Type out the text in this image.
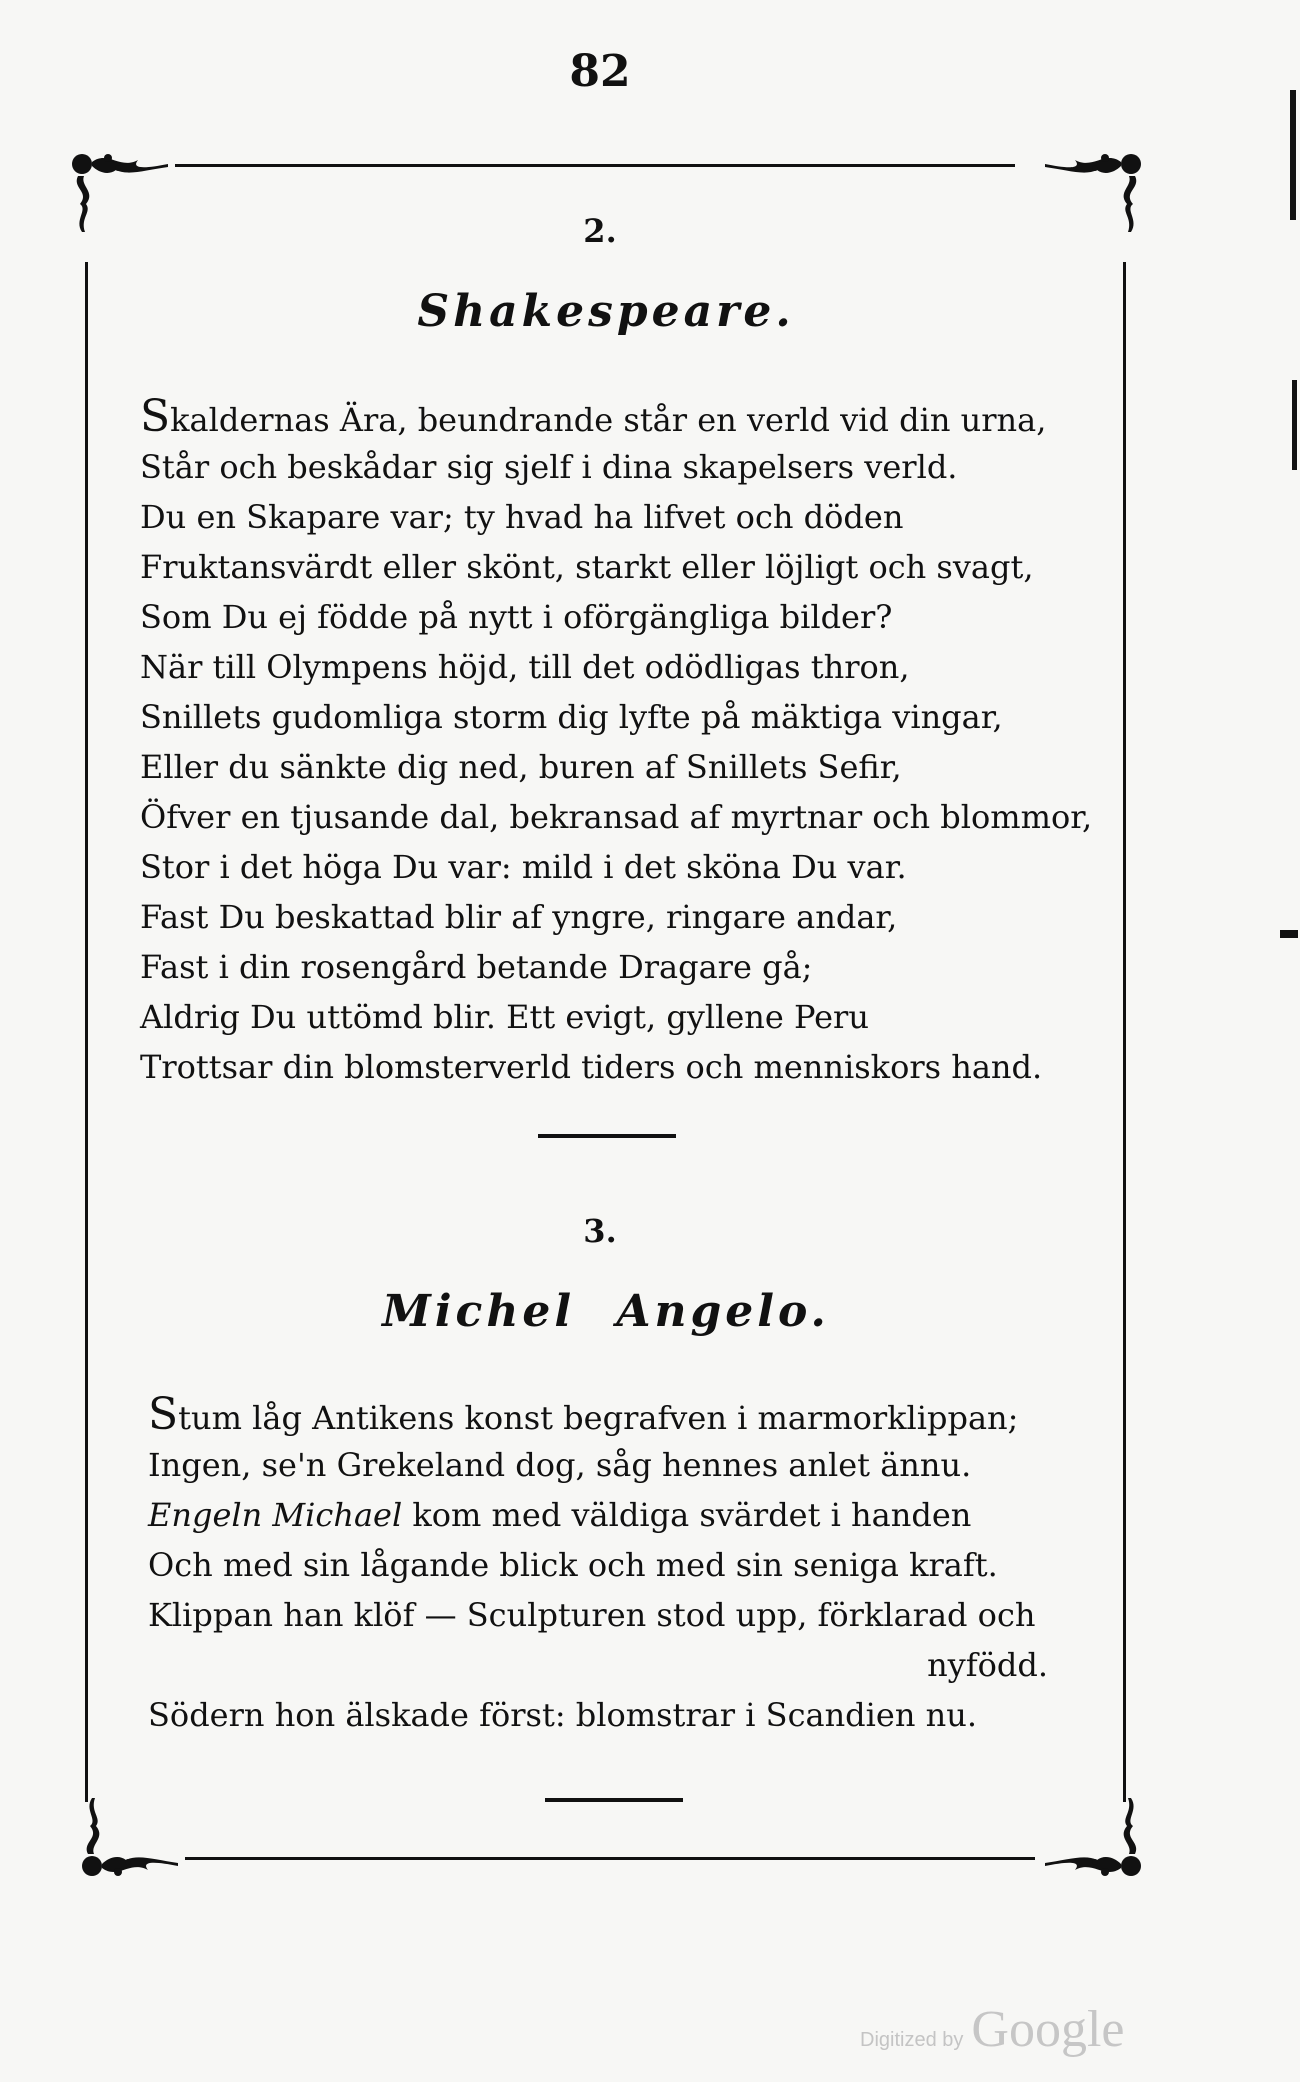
82
2.
Shakespeare.
Skaldernas Ära, beundrande står en verld vid din urna,
Står och beskådar sig sjelf i dina skapelsers verld.
Du en Skapare var; ty hvad ha lifvet och döden
Fruktansvärdt eller skönt, starkt eller löjligt och svagt,
Som Du ej födde på nytt i oförgängliga bilder?
När till Olympens höjd, till det odödligas thron,
Snillets gudomliga storm dig lyfte på mäktiga vingar,
Eller du sänkte dig ned, buren af Snillets Sefir,
Öfver en tjusande dal, bekransad af myrtnar och blommor,
Stor i det höga Du var: mild i det sköna Du var.
Fast Du beskattad blir af yngre, ringare andar,
Fast i din rosengård betande Dragare gå;
Aldrig Du uttömd blir. Ett evigt, gyllene Peru
Trottsar din blomsterverld tiders och menniskors hand.
3.
Michel Angelo.
Stum låg Antikens konst begrafven i marmorklippan;
Ingen, se'n Grekeland dog, såg hennes anlet ännu.
Engeln Michael kom med väldiga svärdet i handen
Och med sin lågande blick och med sin seniga kraft.
Klippan han klöf — Sculpturen stod upp, förklarad och
nyfödd.
Södern hon älskade först: blomstrar i Scandien nu.
Digitized by Google
